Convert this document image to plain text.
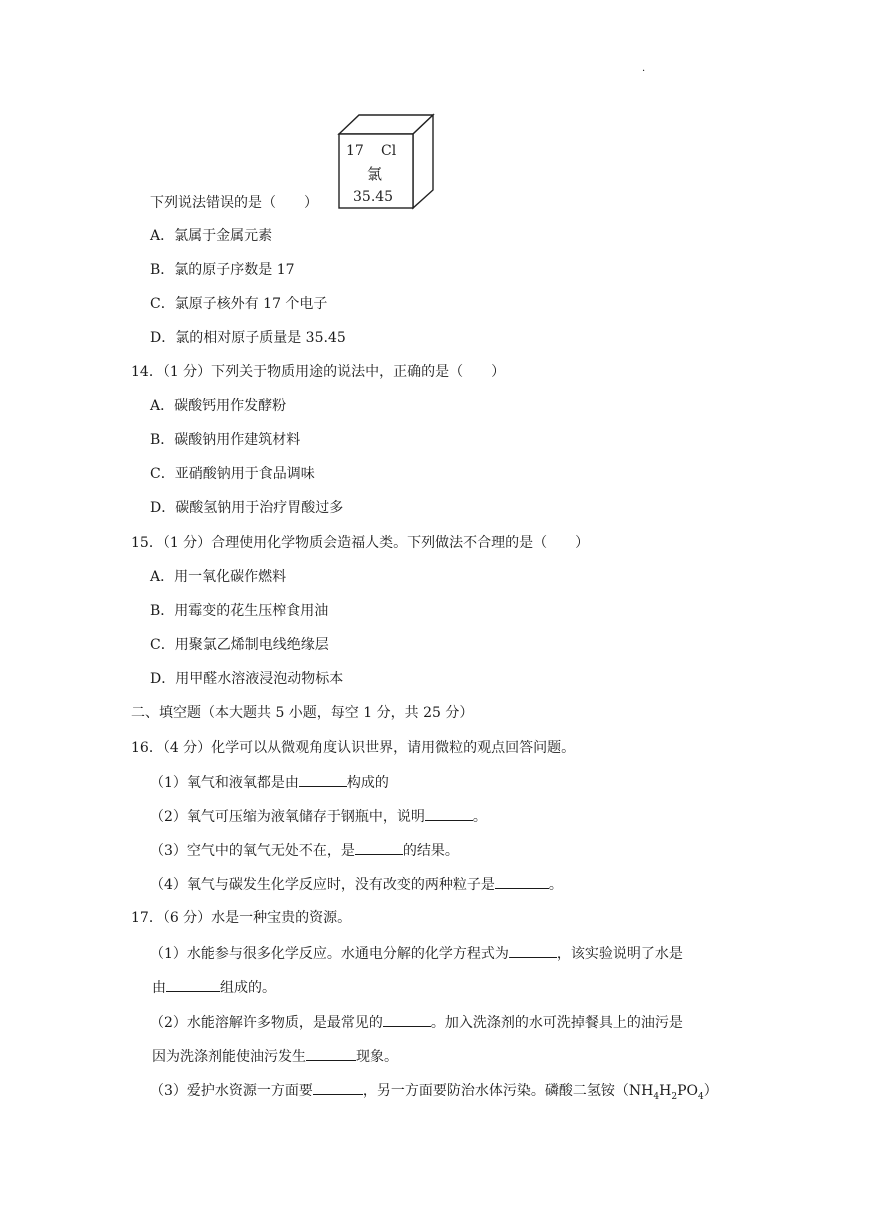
·
17 Cl
氯
35.45
下列说法错误的是（　　）
A．氯属于金属元素
B．氯的原子序数是 17
C．氯原子核外有 17 个电子
D．氯的相对原子质量是 35.45
14．（1 分）下列关于物质用途的说法中，正确的是（　　）
A．碳酸钙用作发酵粉
B．碳酸钠用作建筑材料
C．亚硝酸钠用于食品调味
D．碳酸氢钠用于治疗胃酸过多
15．（1 分）合理使用化学物质会造福人类。下列做法不合理的是（　　）
A．用一氧化碳作燃料
B．用霉变的花生压榨食用油
C．用聚氯乙烯制电线绝缘层
D．用甲醛水溶液浸泡动物标本
二、填空题（本大题共 5 小题，每空 1 分，共 25 分）
16．（4 分）化学可以从微观角度认识世界，请用微粒的观点回答问题。
（1）氧气和液氧都是由	构成的
（2）氧气可压缩为液氧储存于钢瓶中，说明	。
（3）空气中的氧气无处不在，是	的结果。
（4）氧气与碳发生化学反应时，没有改变的两种粒子是	。
17．（6 分）水是一种宝贵的资源。
（1）水能参与很多化学反应。水通电分解的化学方程式为	，该实验说明了水是
由	组成的。
（2）水能溶解许多物质，是最常见的	。加入洗涤剂的水可洗掉餐具上的油污是
因为洗涤剂能使油污发生	现象。
（3）爱护水资源一方面要	，另一方面要防治水体污染。磷酸二氢铵$(NH_4H_2PO_4)$
